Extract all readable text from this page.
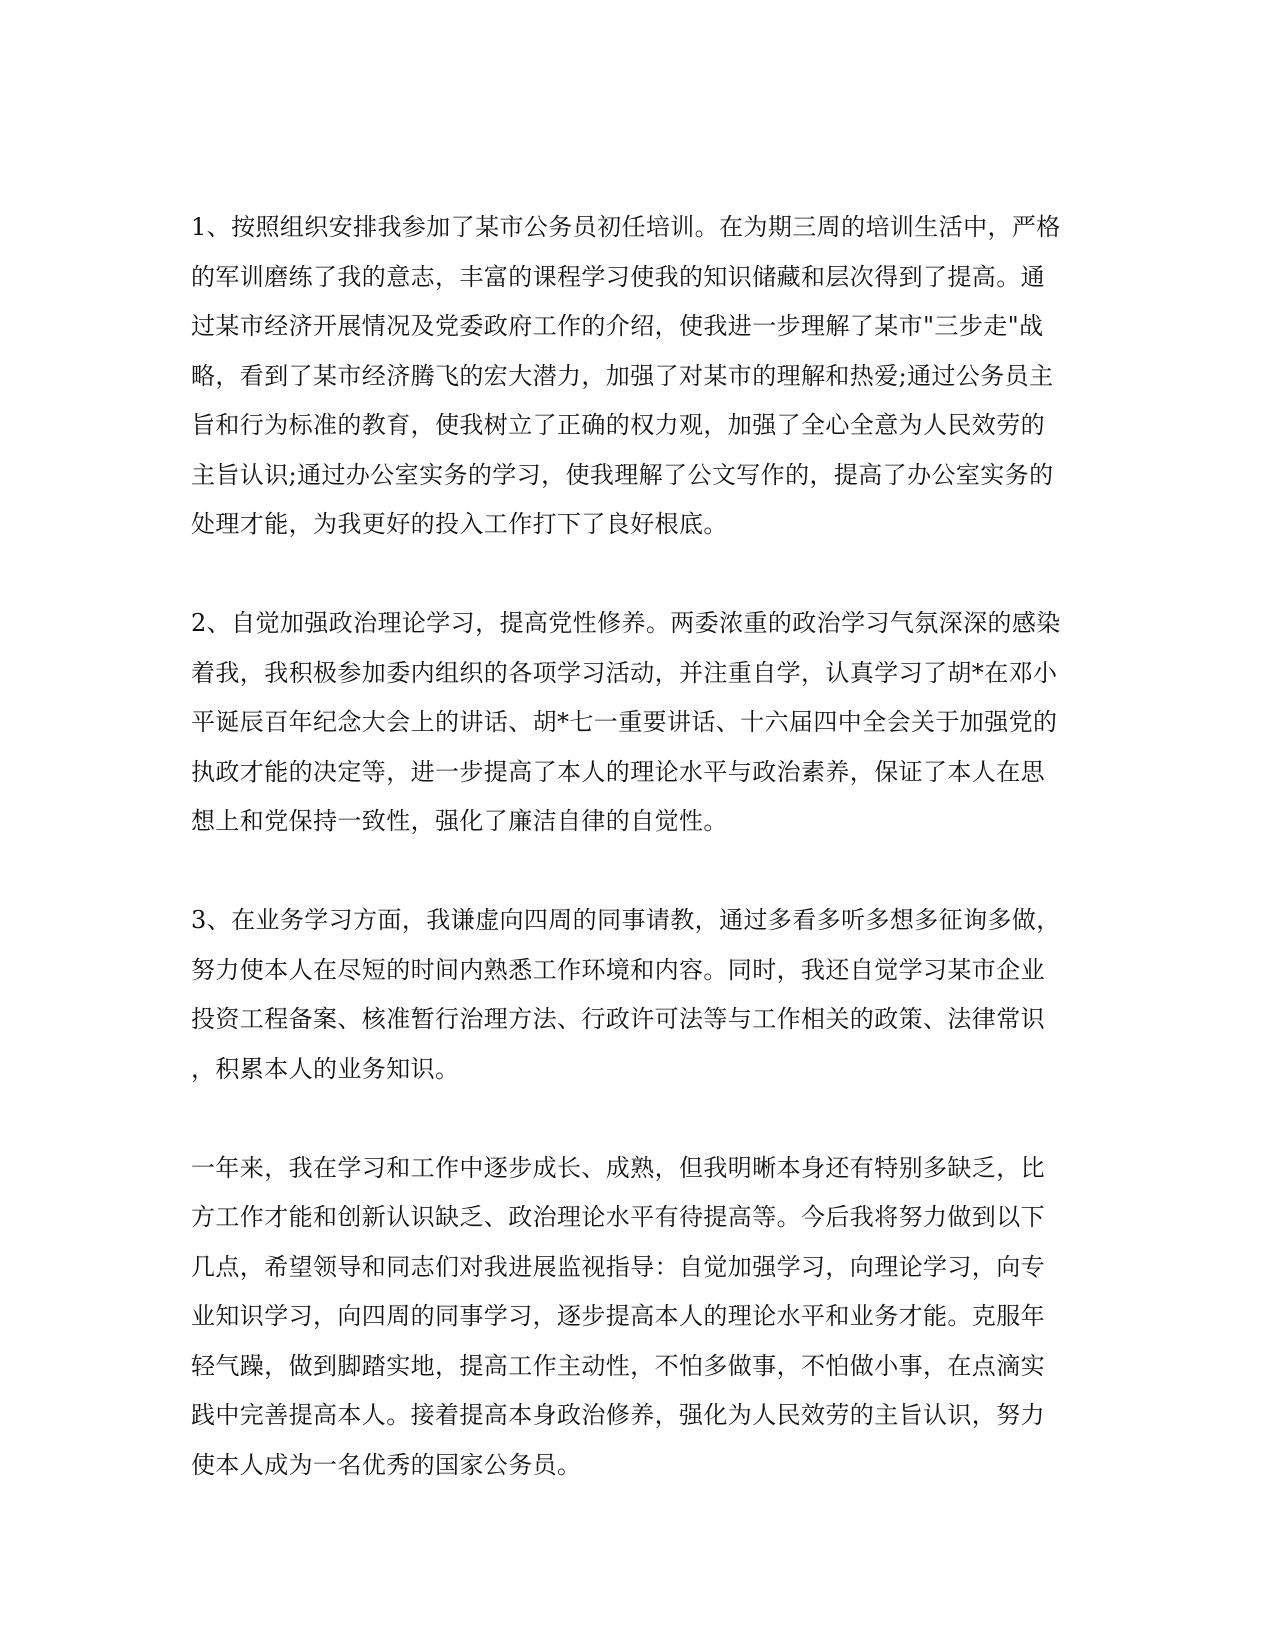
1、按照组织安排我参加了某市公务员初任培训。在为期三周的培训生活中，严格
的军训磨练了我的意志，丰富的课程学习使我的知识储藏和层次得到了提高。通
过某市经济开展情况及党委政府工作的介绍，使我进一步理解了某市"三步走"战
略，看到了某市经济腾飞的宏大潜力，加强了对某市的理解和热爱;通过公务员主
旨和行为标准的教育，使我树立了正确的权力观，加强了全心全意为人民效劳的
主旨认识;通过办公室实务的学习，使我理解了公文写作的，提高了办公室实务的
处理才能，为我更好的投入工作打下了良好根底。
2、自觉加强政治理论学习，提高党性修养。两委浓重的政治学习气氛深深的感染
着我，我积极参加委内组织的各项学习活动，并注重自学，认真学习了胡*在邓小
平诞辰百年纪念大会上的讲话、胡*七一重要讲话、十六届四中全会关于加强党的
执政才能的决定等，进一步提高了本人的理论水平与政治素养，保证了本人在思
想上和党保持一致性，强化了廉洁自律的自觉性。
3、在业务学习方面，我谦虚向四周的同事请教，通过多看多听多想多征询多做，
努力使本人在尽短的时间内熟悉工作环境和内容。同时，我还自觉学习某市企业
投资工程备案、核准暂行治理方法、行政许可法等与工作相关的政策、法律常识
，积累本人的业务知识。
一年来，我在学习和工作中逐步成长、成熟，但我明晰本身还有特别多缺乏，比
方工作才能和创新认识缺乏、政治理论水平有待提高等。今后我将努力做到以下
几点，希望领导和同志们对我进展监视指导：自觉加强学习，向理论学习，向专
业知识学习，向四周的同事学习，逐步提高本人的理论水平和业务才能。克服年
轻气躁，做到脚踏实地，提高工作主动性，不怕多做事，不怕做小事，在点滴实
践中完善提高本人。接着提高本身政治修养，强化为人民效劳的主旨认识，努力
使本人成为一名优秀的国家公务员。
